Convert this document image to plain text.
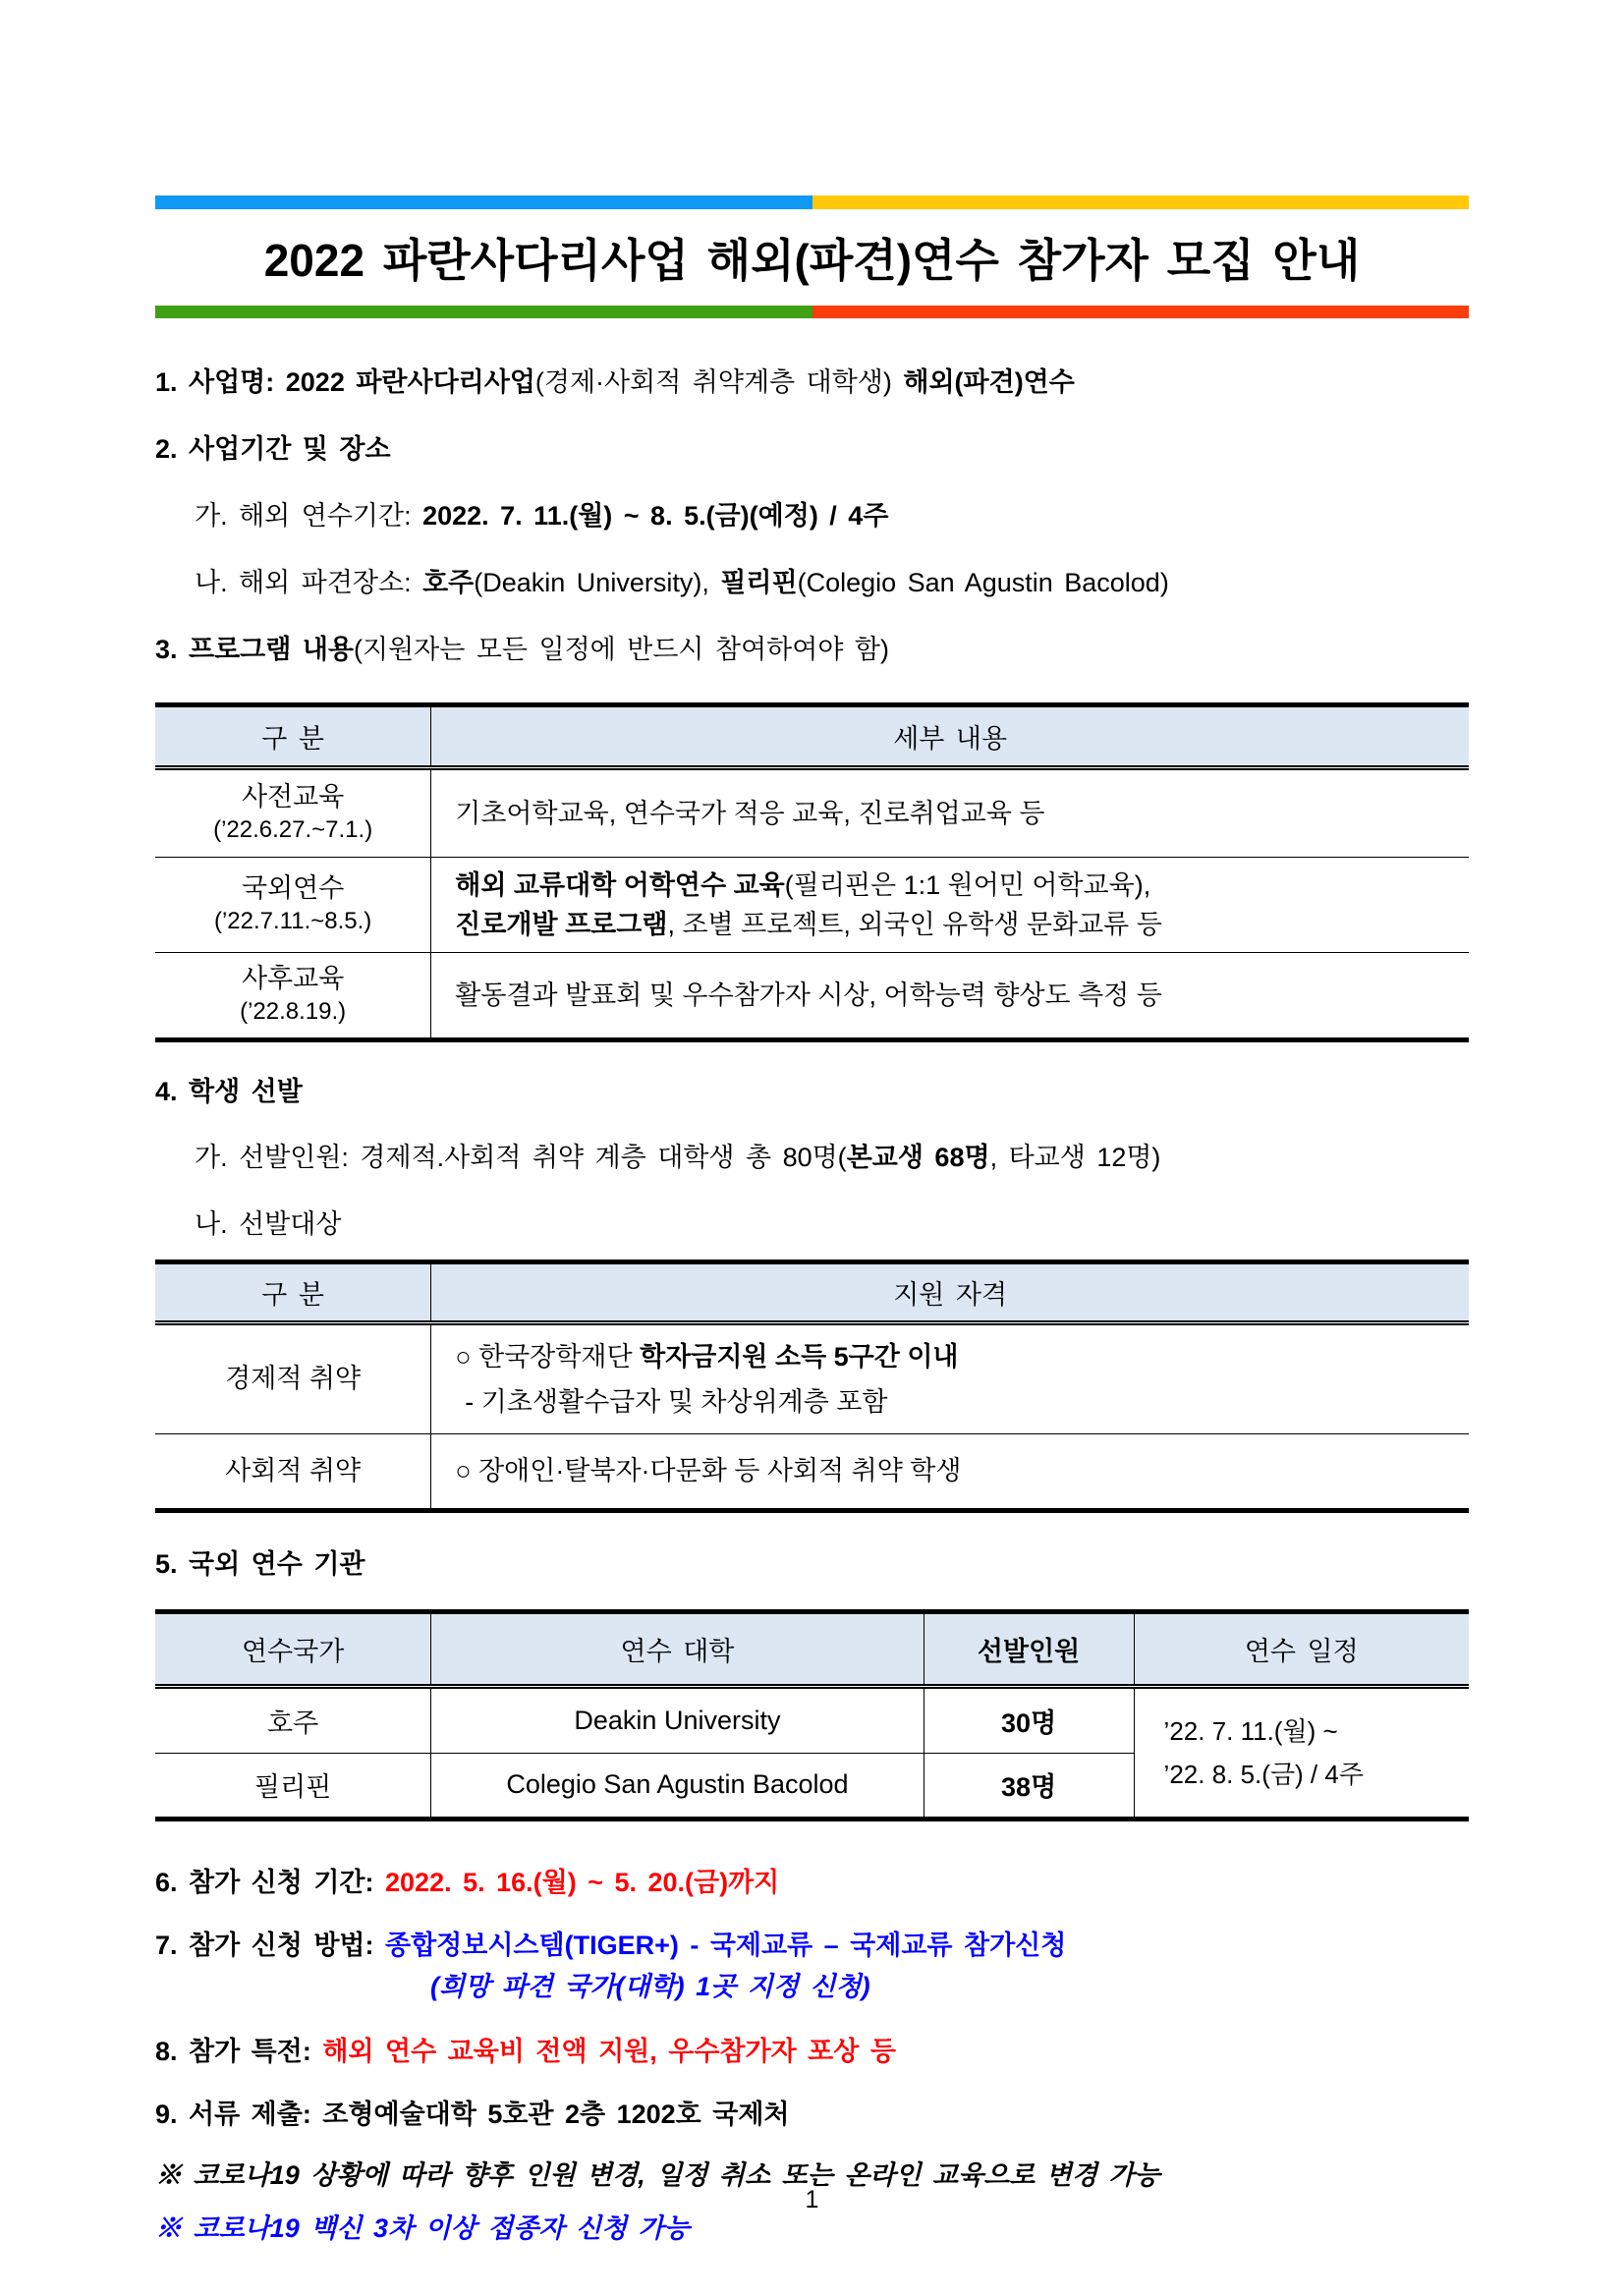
2022 파란사다리사업 해외(파견)연수 참가자 모집 안내

1. 사업명: 2022 파란사다리사업(경제·사회적 취약계층 대학생) 해외(파견)연수

2. 사업기간 및 장소

가. 해외 연수기간: 2022. 7. 11.(월) ~ 8. 5.(금)(예정) / 4주

나. 해외 파견장소: 호주(Deakin University), 필리핀(Colegio San Agustin Bacolod)

3. 프로그램 내용(지원자는 모든 일정에 반드시 참여하여야 함)

구 분	세부 내용
사전교육
(’22.6.27.~7.1.)	기초어학교육, 연수국가 적응 교육, 진로취업교육 등
국외연수
(’22.7.11.~8.5.)	해외 교류대학 어학연수 교육(필리핀은 1:1 원어민 어학교육),
진로개발 프로그램, 조별 프로젝트, 외국인 유학생 문화교류 등
사후교육
(’22.8.19.)	활동결과 발표회 및 우수참가자 시상, 어학능력 향상도 측정 등

4. 학생 선발

가. 선발인원: 경제적.사회적 취약 계층 대학생 총 80명(본교생 68명, 타교생 12명)

나. 선발대상

구 분	지원 자격
경제적 취약	○ 한국장학재단 학자금지원 소득 5구간 이내
- 기초생활수급자 및 차상위계층 포함
사회적 취약	○ 장애인·탈북자·다문화 등 사회적 취약 학생

5. 국외 연수 기관

연수국가	연수 대학	선발인원	연수 일정
호주	Deakin University	30명	’22. 7. 11.(월) ~
’22. 8. 5.(금) / 4주
필리핀	Colegio San Agustin Bacolod	38명	

6. 참가 신청 기간: 2022. 5. 16.(월) ~ 5. 20.(금)까지

7. 참가 신청 방법: 종합정보시스템(TIGER+) - 국제교류 – 국제교류 참가신청

(희망 파견 국가(대학) 1곳 지정 신청)

8. 참가 특전: 해외 연수 교육비 전액 지원, 우수참가자 포상 등

9. 서류 제출: 조형예술대학 5호관 2층 1202호 국제처

※ 코로나19 상황에 따라 향후 인원 변경, 일정 취소 또는 온라인 교육으로 변경 가능

※ 코로나19 백신 3차 이상 접종자 신청 가능

1
